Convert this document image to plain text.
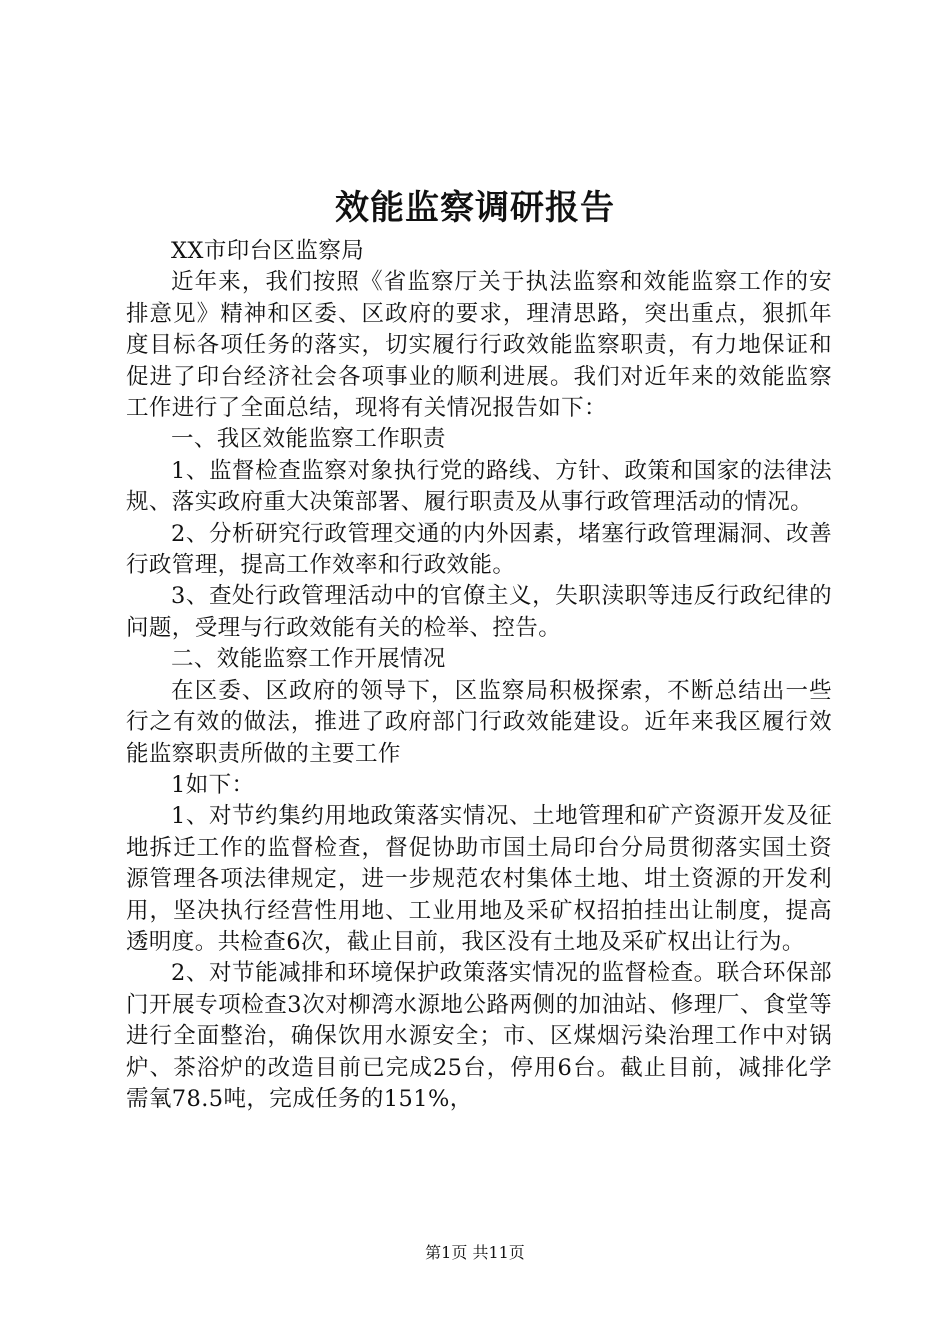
效能监察调研报告

XX市印台区监察局

近年来，我们按照《省监察厅关于执法监察和效能监察工作的安排意见》精神和区委、区政府的要求，理清思路，突出重点，狠抓年度目标各项任务的落实，切实履行行政效能监察职责，有力地保证和促进了印台经济社会各项事业的顺利进展。我们对近年来的效能监察工作进行了全面总结，现将有关情况报告如下：

一、我区效能监察工作职责

1、监督检查监察对象执行党的路线、方针、政策和国家的法律法规、落实政府重大决策部署、履行职责及从事行政管理活动的情况。

2、分析研究行政管理交通的内外因素，堵塞行政管理漏洞、改善行政管理，提高工作效率和行政效能。

3、查处行政管理活动中的官僚主义，失职渎职等违反行政纪律的问题，受理与行政效能有关的检举、控告。

二、效能监察工作开展情况

在区委、区政府的领导下，区监察局积极探索，不断总结出一些行之有效的做法，推进了政府部门行政效能建设。近年来我区履行效能监察职责所做的主要工作

1如下：

1、对节约集约用地政策落实情况、土地管理和矿产资源开发及征地拆迁工作的监督检查，督促协助市国土局印台分局贯彻落实国土资源管理各项法律规定，进一步规范农村集体土地、坩土资源的开发利用，坚决执行经营性用地、工业用地及采矿权招拍挂出让制度，提高透明度。共检查6次，截止目前，我区没有土地及采矿权出让行为。

2、对节能减排和环境保护政策落实情况的监督检查。联合环保部门开展专项检查3次对柳湾水源地公路两侧的加油站、修理厂、食堂等进行全面整治，确保饮用水源安全；市、区煤烟污染治理工作中对锅炉、茶浴炉的改造目前已完成25台，停用6台。截止目前，减排化学需氧78.5吨，完成任务的151%，

第1页 共11页
